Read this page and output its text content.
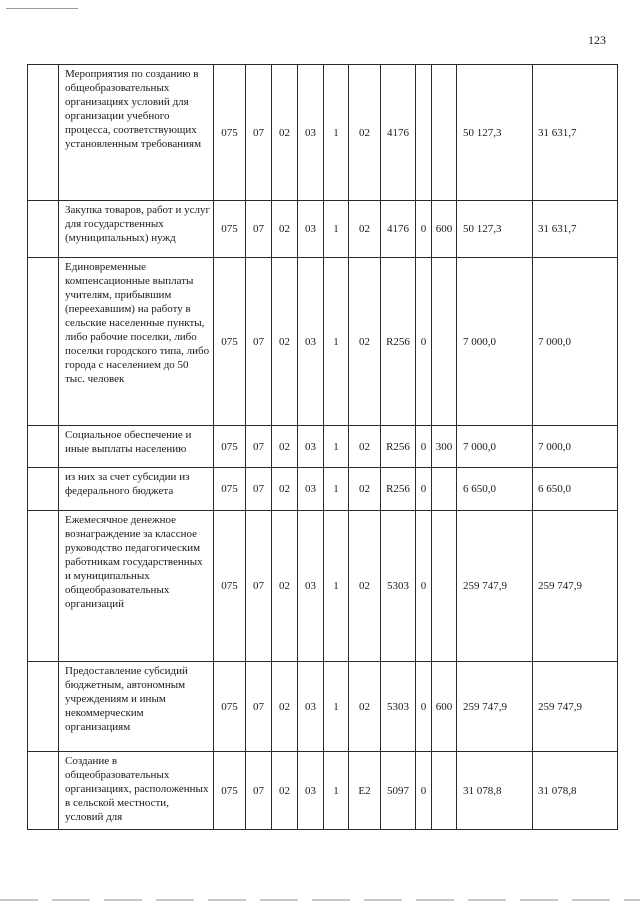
123
	Мероприятия по созданию в общеобразовательных организациях условий для организации учебного процесса, соответствующих установленным требованиям	075	07	02	03	1	02	4176			50 127,3	31 631,7
	Закупка товаров, работ и услуг для государственных (муниципальных) нужд	075	07	02	03	1	02	4176	0	600	50 127,3	31 631,7
	Единовременные компенсационные выплаты учителям, прибывшим (переехавшим) на работу в сельские населенные пункты, либо рабочие поселки, либо поселки городского типа, либо города с населением до 50 тыс. человек	075	07	02	03	1	02	R256	0		7 000,0	7 000,0
	Социальное обеспечение и иные выплаты населению	075	07	02	03	1	02	R256	0	300	7 000,0	7 000,0
	из них за счет субсидии из федерального бюджета	075	07	02	03	1	02	R256	0		6 650,0	6 650,0
	Ежемесячное денежное вознаграждение за классное руководство педагогическим работникам государственных и муниципальных общеобразовательных организаций	075	07	02	03	1	02	5303	0		259 747,9	259 747,9
	Предоставление субсидий бюджетным, автономным учреждениям и иным некоммерческим организациям	075	07	02	03	1	02	5303	0	600	259 747,9	259 747,9
	Создание в общеобразовательных организациях, расположенных в сельской местности, условий для	075	07	02	03	1	E2	5097	0		31 078,8	31 078,8
